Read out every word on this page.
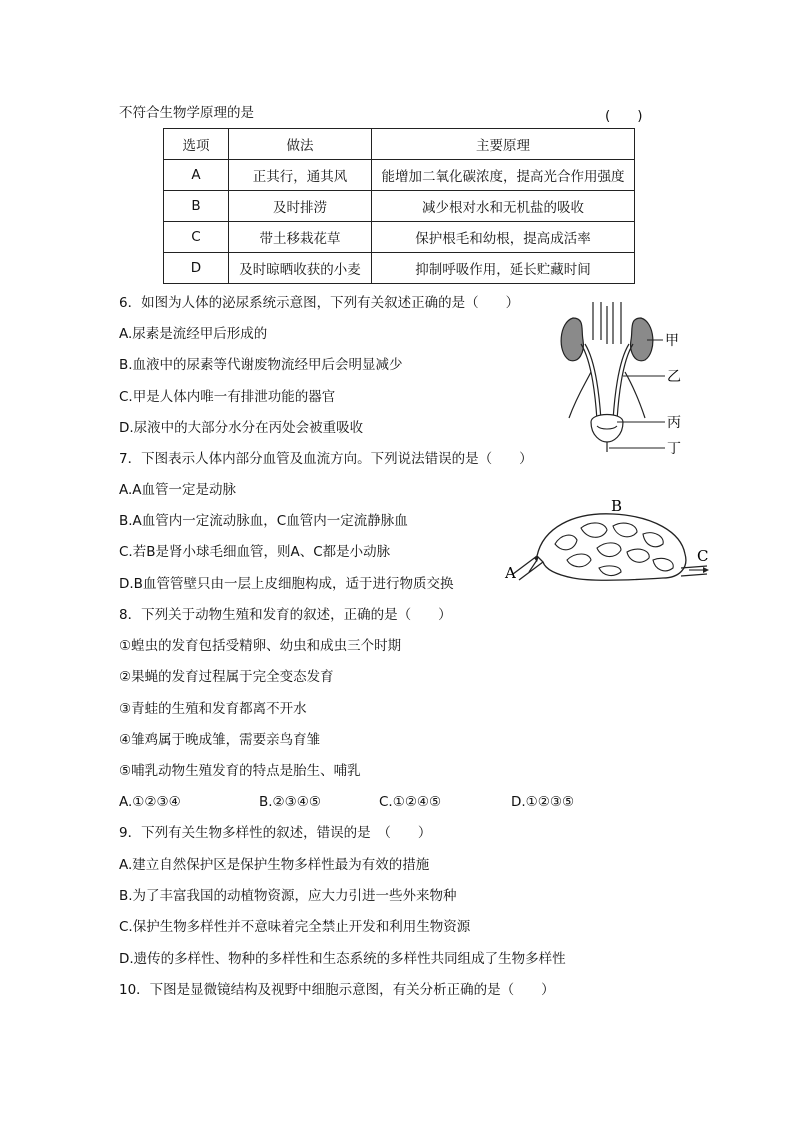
不符合生物学原理的是	(　　)
选项	做法	主要原理
A	正其行，通其风	能增加二氧化碳浓度，提高光合作用强度
B	及时排涝	减少根对水和无机盐的吸收
C	带土移栽花草	保护根毛和幼根，提高成活率
D	及时晾晒收获的小麦	抑制呼吸作用，延长贮藏时间
6．如图为人体的泌尿系统示意图，下列有关叙述正确的是（　　）
A.尿素是流经甲后形成的
B.血液中的尿素等代谢废物流经甲后会明显减少
C.甲是人体内唯一有排泄功能的器官
D.尿液中的大部分水分在丙处会被重吸收
甲
乙
丙
丁
7．下图表示人体内部分血管及血流方向。下列说法错误的是（　　）
A.A血管一定是动脉
B.A血管内一定流动脉血，C血管内一定流静脉血
C.若B是肾小球毛细血管，则A、C都是小动脉
D.B血管管壁只由一层上皮细胞构成，适于进行物质交换
A
B
C
8．下列关于动物生殖和发育的叙述，正确的是（　　）
①蝗虫的发育包括受精卵、幼虫和成虫三个时期
②果蝇的发育过程属于完全变态发育
③青蛙的生殖和发育都离不开水
④雏鸡属于晚成雏，需要亲鸟育雏
⑤哺乳动物生殖发育的特点是胎生、哺乳
A.①②③④	B.②③④⑤	C.①②④⑤	D.①②③⑤
9．下列有关生物多样性的叙述，错误的是　（　　）
A.建立自然保护区是保护生物多样性最为有效的措施
B.为了丰富我国的动植物资源，应大力引进一些外来物种
C.保护生物多样性并不意味着完全禁止开发和利用生物资源
D.遗传的多样性、物种的多样性和生态系统的多样性共同组成了生物多样性
10．下图是显微镜结构及视野中细胞示意图，有关分析正确的是（　　）
